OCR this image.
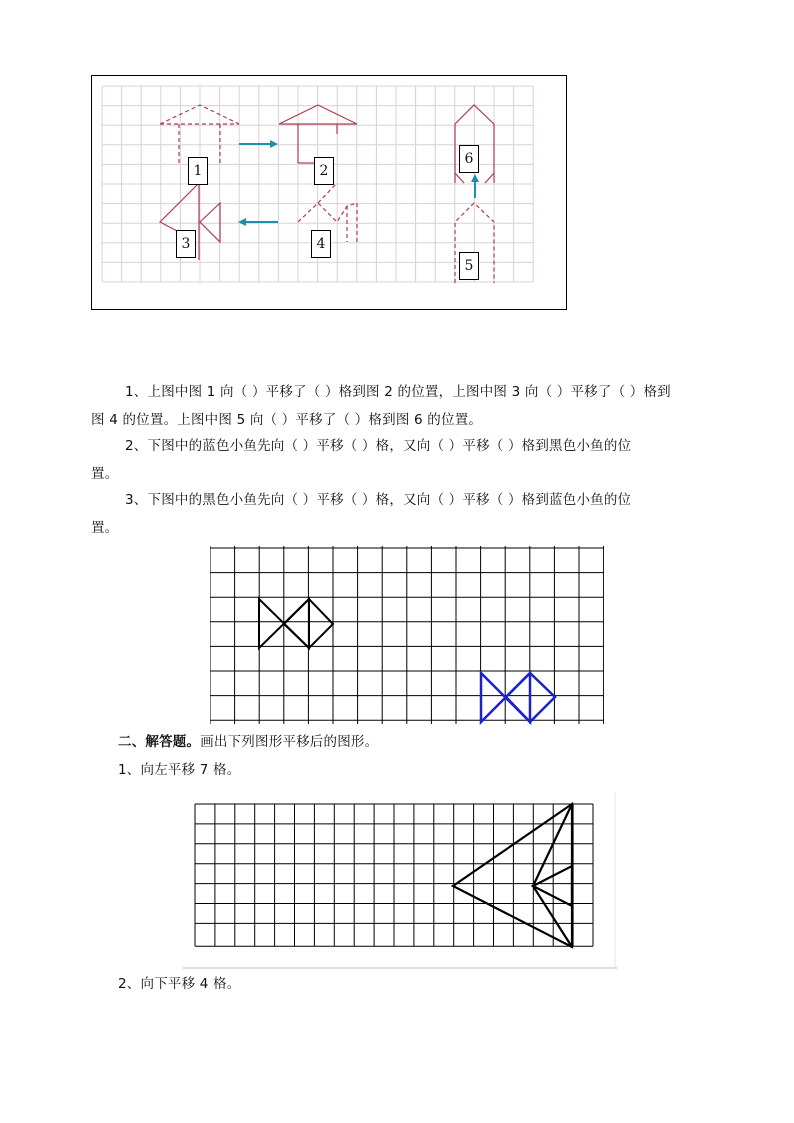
1	2
3	4
5
6
1、上图中图 1 向（ ）平移了（ ）格到图 2 的位置，上图中图 3 向（ ）平移了（ ）格到
图 4 的位置。上图中图 5 向（ ）平移了（ ）格到图 6 的位置。
2、下图中的蓝色小鱼先向（ ）平移（ ）格，又向（ ）平移（ ）格到黑色小鱼的位
置。
3、下图中的黑色小鱼先向（ ）平移（ ）格，又向（ ）平移（ ）格到蓝色小鱼的位
置。
二、解答题。画出下列图形平移后的图形。
1、向左平移 7 格。
2、向下平移 4 格。
